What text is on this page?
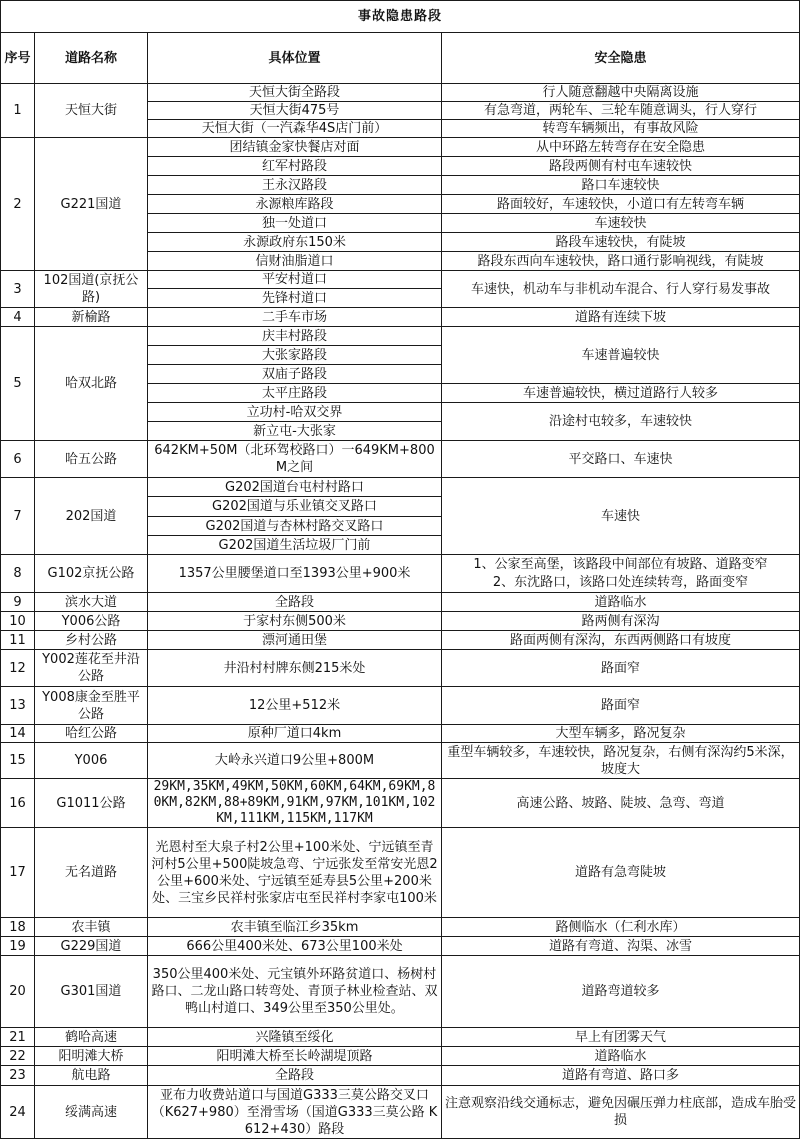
事故隐患路段			
序号	道路名称	具体位置	安全隐患
1	天恒大街	天恒大街全路段	行人随意翻越中央隔离设施
		天恒大街475号	有急弯道，两轮车、三轮车随意调头，行人穿行
		天恒大街（一汽森华4S店门前）	转弯车辆频出，有事故风险
2	G221国道	团结镇金家快餐店对面	从中环路左转弯存在安全隐患
		红军村路段	路段两侧有村屯车速较快
		王永汉路段	路口车速较快
		永源粮库路段	路面较好，车速较快，小道口有左转弯车辆
		独一处道口	车速较快
		永源政府东150米	路段车速较快，有陡坡
		信财油脂道口	路段东西向车速较快，路口通行影响视线，有陡坡
3	102国道(京抚公路)	平安村道口	车速快，机动车与非机动车混合、行人穿行易发事故
		先锋村道口	
4	新榆路	二手车市场	道路有连续下坡
5	哈双北路	庆丰村路段	车速普遍较快
		大张家路段	
		双庙子路段	
		太平庄路段	车速普遍较快，横过道路行人较多
		立功村-哈双交界	沿途村屯较多，车速较快
		新立屯-大张家	
6	哈五公路	642KM+50M（北环驾校路口）一649KM+800M之间	平交路口、车速快
7	202国道	G202国道台屯村村路口	车速快
		G202国道与乐业镇交叉路口	
		G202国道与杏林村路交叉路口	
		G202国道生活垃圾厂门前	
8	G102京抚公路	1357公里腰堡道口至1393公里+900米	1、公家至高堡，该路段中间部位有坡路、道路变窄
			2、东沈路口，该路口处连续转弯，路面变窄
9	滨水大道	全路段	道路临水
10	Y006公路	于家村东侧500米	路两侧有深沟
11	乡村公路	漂河通田堡	路面两侧有深沟，东西两侧路口有坡度
12	Y002莲花至井沿公路	井沿村村牌东侧215米处	路面窄
13	Y008康金至胜平公路	12公里+512米	路面窄
14	哈红公路	原种厂道口4km	大型车辆多，路况复杂
15	Y006	大岭永兴道口9公里+800M	重型车辆较多，车速较快，路况复杂，右侧有深沟约5米深，坡度大
16	G1011公路	29KM,35KM,49KM,50KM,60KM,64KM,69KM,80KM,82KM,88+89KM,91KM,97KM,101KM,102KM,111KM,115KM,117KM	高速公路、坡路、陡坡、急弯、弯道
17	无名道路	光恩村至大泉子村2公里+100米处、宁远镇至青河村5公里+500陡坡急弯、宁远张发至常安光恩2公里+600米处、宁远镇至延寿县5公里+200米处、三宝乡民祥村张家店屯至民祥村李家屯100米	道路有急弯陡坡
18	农丰镇	农丰镇至临江乡35km	路侧临水（仁利水库）
19	G229国道	666公里400米处、673公里100米处	道路有弯道、沟渠、冰雪
20	G301国道	350公里400米处、元宝镇外环路贫道口、杨树村路口、二龙山路口转弯处、青顶子林业检查站、双鸭山村道口、349公里至350公里处。	道路弯道较多
21	鹤哈高速	兴隆镇至绥化	早上有团雾天气
22	阳明滩大桥	阳明滩大桥至长岭湖堤顶路	道路临水
23	航电路	全路段	道路有弯道、路口多
24	绥满高速	亚布力收费站道口与国道G333三莫公路交叉口（K627+980）至滑雪场（国道G333三莫公路 K612+430）路段	注意观察沿线交通标志，避免因碾压弹力柱底部，造成车胎受损
